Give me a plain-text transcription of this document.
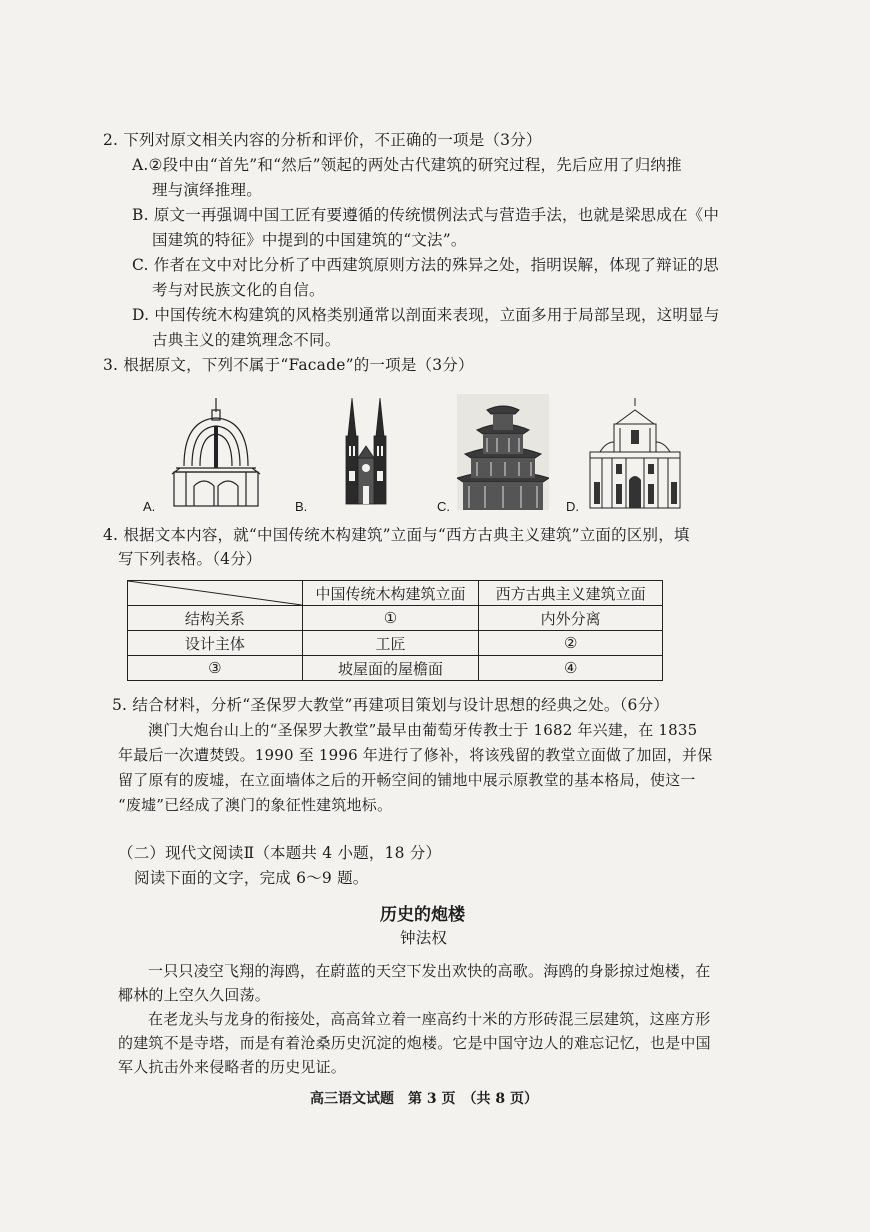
2. 下列对原文相关内容的分析和评价，不正确的一项是（3分）
A.②段中由“首先”和“然后”领起的两处古代建筑的研究过程，先后应用了归纳推
理与演绎推理。
B. 原文一再强调中国工匠有要遵循的传统惯例法式与营造手法，也就是梁思成在《中
国建筑的特征》中提到的中国建筑的“文法”。
C. 作者在文中对比分析了中西建筑原则方法的殊异之处，指明误解，体现了辩证的思
考与对民族文化的自信。
D. 中国传统木构建筑的风格类别通常以剖面来表现，立面多用于局部呈现，这明显与
古典主义的建筑理念不同。
3. 根据原文，下列不属于“Facade”的一项是（3分）
A.	B.	C.	D.
4. 根据文本内容，就“中国传统木构建筑”立面与“西方古典主义建筑”立面的区别，填
写下列表格。（4分）
	中国传统木构建筑立面	西方古典主义建筑立面
结构关系	①	内外分离
设计主体	工匠	②
③	坡屋面的屋檐面	④
5. 结合材料，分析“圣保罗大教堂”再建项目策划与设计思想的经典之处。（6分）
澳门大炮台山上的“圣保罗大教堂”最早由葡萄牙传教士于 1682 年兴建，在 1835
年最后一次遭焚毁。1990 至 1996 年进行了修补，将该残留的教堂立面做了加固，并保
留了原有的废墟，在立面墙体之后的开畅空间的铺地中展示原教堂的基本格局，使这一
“废墟”已经成了澳门的象征性建筑地标。
（二）现代文阅读Ⅱ（本题共 4 小题，18 分）
阅读下面的文字，完成 6～9 题。
历史的炮楼
钟法权
一只只凌空飞翔的海鸥，在蔚蓝的天空下发出欢快的高歌。海鸥的身影掠过炮楼，在
椰林的上空久久回荡。
在老龙头与龙身的衔接处，高高耸立着一座高约十米的方形砖混三层建筑，这座方形
的建筑不是寺塔，而是有着沧桑历史沉淀的炮楼。它是中国守边人的难忘记忆，也是中国
军人抗击外来侵略者的历史见证。
高三语文试题　第 3 页　（共 8 页）
